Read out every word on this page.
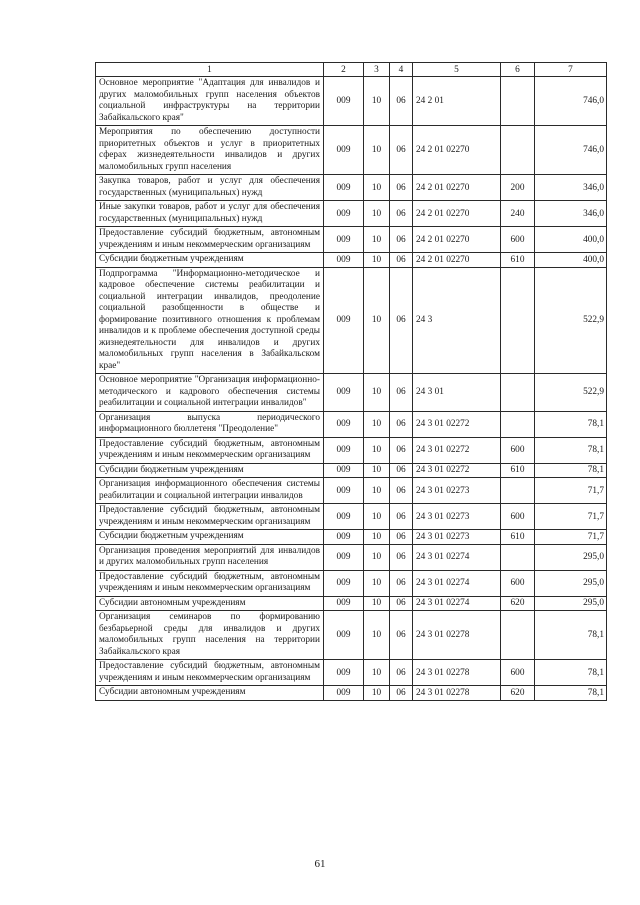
1	2	3	4	5	6	7
Основное мероприятие "Адаптация для инвалидов и других маломобильных групп населения объектов социальной инфраструктуры на территории Забайкальского края"	009	10	06	24 2 01		746,0
Мероприятия по обеспечению доступности приоритетных объектов и услуг в приоритетных сферах жизнедеятельности инвалидов и других маломобильных групп населения	009	10	06	24 2 01 02270		746,0
Закупка товаров, работ и услуг для обеспечения государственных (муниципальных) нужд	009	10	06	24 2 01 02270	200	346,0
Иные закупки товаров, работ и услуг для обеспечения государственных (муниципальных) нужд	009	10	06	24 2 01 02270	240	346,0
Предоставление субсидий бюджетным, автономным учреждениям и иным некоммерческим организациям	009	10	06	24 2 01 02270	600	400,0
Субсидии бюджетным учреждениям	009	10	06	24 2 01 02270	610	400,0
Подпрограмма "Информационно-методическое и кадровое обеспечение системы реабилитации и социальной интеграции инвалидов, преодоление социальной разобщенности в обществе и формирование позитивного отношения к проблемам инвалидов и к проблеме обеспечения доступной среды жизнедеятельности для инвалидов и других маломобильных групп населения в Забайкальском крае"	009	10	06	24 3		522,9
Основное мероприятие "Организация информационно-методического и кадрового обеспечения системы реабилитации и социальной интеграции инвалидов"	009	10	06	24 3 01		522,9
Организация выпуска периодического информационного бюллетеня "Преодоление"	009	10	06	24 3 01 02272		78,1
Предоставление субсидий бюджетным, автономным учреждениям и иным некоммерческим организациям	009	10	06	24 3 01 02272	600	78,1
Субсидии бюджетным учреждениям	009	10	06	24 3 01 02272	610	78,1
Организация информационного обеспечения системы реабилитации и социальной интеграции инвалидов	009	10	06	24 3 01 02273		71,7
Предоставление субсидий бюджетным, автономным учреждениям и иным некоммерческим организациям	009	10	06	24 3 01 02273	600	71,7
Субсидии бюджетным учреждениям	009	10	06	24 3 01 02273	610	71,7
Организация проведения мероприятий для инвалидов и других маломобильных групп населения	009	10	06	24 3 01 02274		295,0
Предоставление субсидий бюджетным, автономным учреждениям и иным некоммерческим организациям	009	10	06	24 3 01 02274	600	295,0
Субсидии автономным учреждениям	009	10	06	24 3 01 02274	620	295,0
Организация семинаров по формированию безбарьерной среды для инвалидов и других маломобильных групп населения на территории Забайкальского края	009	10	06	24 3 01 02278		78,1
Предоставление субсидий бюджетным, автономным учреждениям и иным некоммерческим организациям	009	10	06	24 3 01 02278	600	78,1
Субсидии автономным учреждениям	009	10	06	24 3 01 02278	620	78,1
61
